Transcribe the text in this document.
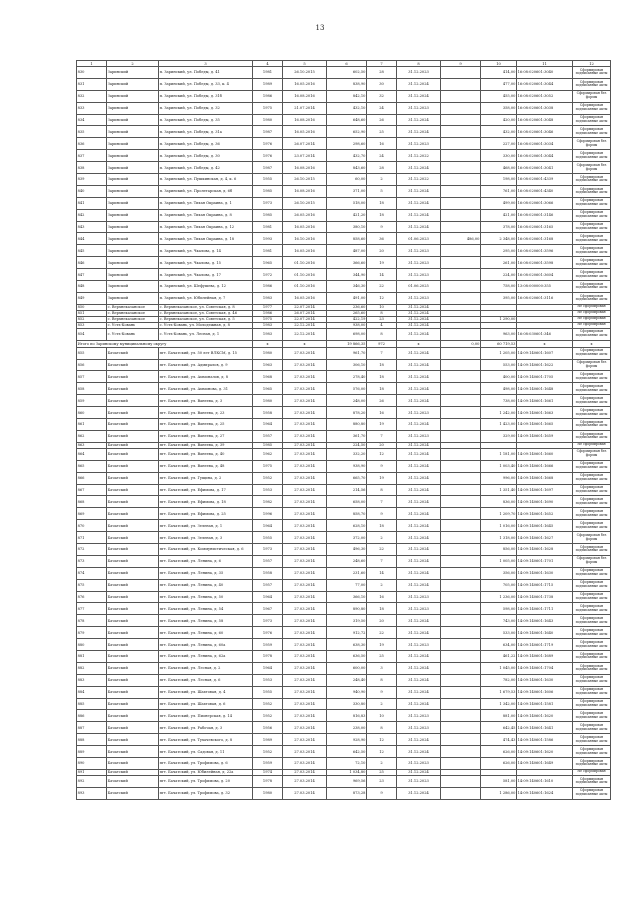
13
1	2	3	4	5	6	7	8	9	10	11	12
830	Заринский	п. Заринский, ул. Победы, д. 41	1981	26.10.2015	602,50	28	31.12.2023		414,00	16:08:020601:3040	Сформирован подписанные акты
831	Заринский	п. Заринский, ул. Победы, д. 33, к. 4	1989	16.05.2016	838,90	30	31.12.2024		477,00	16:08:020601:3044	Сформирован подписанные акты
832	Заринский	п. Заринский, ул. Победы, д. 31б	1986	16.08.2016	842,10	32	31.12.2024		455,00	16:08:020601:3052	Сформирован без формы
833	Заринский	п. Заринский, ул. Победы, д. 32	1975	21.07.2014	432,10	24	31.12.2023		358,00	16:08:020601:3038	Сформирован подписанные акты
834	Заринский	п. Заринский, ул. Победы, д. 35	1980	16.08.2016	648,60	26	31.12.2024		420,00	16:08:020601:3048	Сформирован подписанные акты
835	Заринский	п. Заринский, ул. Победы, д. 31а	1987	16.05.2016	652,90	25	31.12.2024		432,00	16:08:020601:3046	Сформирован подписанные акты
836	Заринский	п. Заринский, ул. Победы, д. 36	1976	26.07.2014	298,60	16	31.12.2023		227,00	16:08:020601:3034	Сформирован без формы
837	Заринский	п. Заринский, ул. Победы, д. 30	1976	23.07.2014	432,70	24	31.12.2022		330,00	16:08:020601:3044	Сформирован подписанные акты
838	Заринский	п. Заринский, ул. Победы, д. 42	1987	16.08.2016	843,60	28	31.12.2024		468,00	16:08:020601:3041	Сформирован без формы
839	Заринский	п. Заринский, ул. Пушкинская, д. 4, к. 6	1955	26.10.2015	60,00	2	31.12.2022		198,00	16:08:020601:4339	Сформирован подписанные акты
840	Заринский	п. Заринский, ул. Пролетарская, д. 6б	1985	16.08.2016	371,00	5	31.12.2024		761,00	16:08:020601:4340	Сформирован подписанные акты
841	Заринский	п. Заринский, ул. Тихая Окраина, д. 1	1973	26.10.2015	518,00	18	31.12.2024		499,00	16:08:020601:3066	Сформирован подписанные акты
842	Заринский	п. Заринский, ул. Тихая Окраина, д. 8	1985	26.05.2016	421,20	18	31.12.2024		421,00	16:08:020601:3146	Сформирован подписанные акты
843	Заринский	п. Заринский, ул. Тихая Окраина, д. 12	1981	16.05.2016	380,10	9	31.12.2024		378,00	16:08:020601:3165	Сформирован подписанные акты
844	Заринский	п. Заринский, ул. Тихая Окраина, д. 18	1993	16.10.2016	858,60	36	01.06.2023	486,00	2 348,00	16:08:020601:3168	Сформирован подписанные акты
845	Заринский	п. Заринский, ул. Чкалова, д. 14	1981	16.05.2016	487,00	20	31.12.2023		295,00	16:08:020601:3596	Сформирован подписанные акты
846	Заринский	п. Заринский, ул. Чкалова, д. 15	1965	01.10.2016	366,60	19	31.12.2023		261,00	16:08:020601:3598	Сформирован подписанные акты
847	Заринский	п. Заринский, ул. Чкалова, д. 17	1972	01.10.2016	344,90	14	31.12.2023		224,00	16:08:020601:3604	Сформирован подписанные акты
848	Заринский	п. Заринский, ул. Шефушева, д. 12	1986	01.10.2016	346,30	22	01.06.2025		758,00	13:08:000000:355	Сформирован подписанные акты
849	Заринский	п. Заринский, ул. Юбилейная, д. 7	1983	16.05.2016	491,00	12	31.12.2023		395,00	16:08:020601:3116	Сформирован подписанные акты
850	с. Верхнеказанское	с. Верхнеказанское, ул. Советская, д. 8	1977	22.07.2014	236,60	10	31.12.2024				Не сформирован
851	с. Верхнеказанское	с. Верхнеказанское, ул. Советская, д. 46	1986	26.07.2014	265,60	8	31.12.2024				Не сформирован
852	с. Верхнеказанское	с. Верхнеказанское, ул. Советская, д. 5	1975	22.07.2014	422,19	23	31.12.2024		1 290,00		Не сформирован
853	с. Усть-Ковань	с. Усть-Ковань, ул. Молодежная, д. 8	1983	22.12.2014	938,00	4	31.12.2024				Не сформирован
854	с. Усть-Ковань	с. Усть-Ковань, ул. Лесная, д. 1	1983	22.12.2014	698,00	8	31.12.2024		963,00	16:08:030601:346	Сформирован подписанные акты
Итого по Заринскому муниципальному округу			х	х	19 866,35	972	х	0,00	60 719,53	х	х
855	Бачатский	пгт. Бачатский, ул. 50 лет ВЛКСМ, д. 15	1980	27.03.2014	961,70	7	31.12.2024		1 205,00	14:09:140601:1607	Сформирован подписанные акты
856	Бачатский	пгт. Бачатский, ул. Адмиралов, д. 9	1963	27.03.2014	306,10	18	31.12.2024		553,00	14:09:140601:1622	Сформирован без формы
857	Бачатский	пгт. Бачатский, ул. Аммоналов, д. 8	1968	27.03.2014	278,40	18	31.12.2024		400,00	14:09:140601:1705	Сформирован подписанные акты
858	Бачатский	пгт. Бачатский, ул. Аммонова, д. 31	1965	27.03.2014	576,00	18	31.12.2024		498,00	14:09:140601:1648	Сформирован подписанные акты
859	Бачатский	пгт. Бачатский, ул. Ванеева, д. 3	1980	27.03.2014	248,00	26	31.12.2024		738,00	14:09:140601:1661	Сформирован подписанные акты
860	Бачатский	пгт. Бачатский, ул. Ванеева, д. 23	1958	27.03.2014	878,20	16	31.12.2023		1 242,00	14:09:140601:1663	Сформирован подписанные акты
861	Бачатский	пгт. Бачатский, ул. Ванеева, д. 25	1964	27.03.2014	880,80	19	31.12.2024		1 423,00	14:09:140601:1665	Сформирован подписанные акты
862	Бачатский	пгт. Бачатский, ул. Ванеева, д. 27	1957	27.03.2014	361,70	7	31.12.2023		329,00	14:09:140601:1659	Сформирован подписанные акты
863	Бачатский	пгт. Бачатский, ул. Ванеева, д. 39	1985	27.03.2014	224,50	20	31.12.2024				Не сформирован
864	Бачатский	пгт. Бачатский, ул. Ванеева, д. 40	1962	27.03.2014	332,20	12	31.12.2024		1 181,00	14:09:140601:1660	Сформирован без формы
865	Бачатский	пгт. Бачатский, ул. Ванеева, д. 48	1975	27.03.2014	938,90	9	31.12.2024		1 003,40	14:09:140601:1666	Сформирован подписанные акты
866	Бачатский	пгт. Бачатский, ул. Гущина, д. 2	1952	27.03.2014	665,70	19	31.12.2024		996,00	14:09:140601:1668	Сформирован подписанные акты
867	Бачатский	пгт. Бачатский, ул. Ефимова, д. 17	1953	27.03.2014	214,56	8	31.12.2024		1 351,40	14:09:140601:1697	Сформирован подписанные акты
868	Бачатский	пгт. Бачатский, ул. Ефимова, д. 18	1982	27.03.2014	658,00	7	31.12.2024		836,00	14:09:140601:1690	Сформирован подписанные акты
869	Бачатский	пгт. Бачатский, ул. Ефимова, д. 25	1996	27.03.2014	858,70	9	31.12.2024		1 209,70	14:09:140601:1652	Сформирован подписанные акты
870	Бачатский	пгт. Бачатский, ул. Зеленая, д. 1	1964	27.03.2014	628,10	18	31.12.2024		1 016,00	14:09:140601:1645	Сформирован подписанные акты
871	Бачатский	пгт. Бачатский, ул. Зеленая, д. 3	1955	27.03.2014	372,00	2	31.12.2024		1 318,00	14:09:140601:1627	Сформирован без формы
872	Бачатский	пгт. Бачатский, ул. Коммунистическая, д. 6	1973	27.03.2014	496,30	22	31.12.2024		856,00	14:09:140601:1628	Сформирован подписанные акты
873	Бачатский	пгт. Бачатский, ул. Ленина, д. 6	1957	27.03.2014	248,60	7	31.12.2024		1 005,00	14:09:140601:1701	Сформирован без формы
874	Бачатский	пгт. Бачатский, ул. Ленина, д. 35	1958	27.03.2014	231,60	14	31.12.2024		356,00	14:09:140601:1630	Сформирован подписанные акты
875	Бачатский	пгт. Бачатский, ул. Ленина, д. 40	1957	27.03.2014	77,00	2	31.12.2024		705,00	14:09:140601:1715	Сформирован подписанные акты
876	Бачатский	пгт. Бачатский, ул. Ленина, д. 50	1964	27.03.2014	366,10	16	31.12.2023		1 236,00	14:09:140601:1738	Сформирован подписанные акты
877	Бачатский	пгт. Бачатский, ул. Ленина, д. 54	1967	27.03.2014	890,80	18	31.12.2023		598,00	14:09:140601:1711	Сформирован подписанные акты
878	Бачатский	пгт. Бачатский, ул. Ленина, д. 58	1973	27.03.2014	319,50	20	31.12.2024		743,00	14:09:140601:1643	Сформирован подписанные акты
879	Бачатский	пгт. Бачатский, ул. Ленина, д. 60	1976	27.03.2014	912,72	22	31.12.2024		533,00	14:09:140601:1640	Сформирован подписанные акты
880	Бачатский	пгт. Бачатский, ул. Ленина, д. 60а	1959	27.03.2014	638,30	19	31.12.2023		634,00	14:09:140601:1719	Сформирован подписанные акты
881	Бачатский	пгт. Бачатский, ул. Ленина, д. 62а	1978	27.03.2014	636,50	25	31.12.2024		461,22	14:09:140601:1689	Сформирован подписанные акты
882	Бачатский	пгт. Бачатский, ул. Лесная, д. 2	1964	27.03.2014	600,00	3	31.12.2024		1 045,00	14:09:140601:1704	Сформирован подписанные акты
883	Бачатский	пгт. Бачатский, ул. Лесная, д. 6	1953	27.03.2014	248,40	8	31.12.2024		782,00	14:09:140601:1630	Сформирован подписанные акты
884	Бачатский	пгт. Бачатский, ул. Шахтовая, д. 4	1955	27.03.2014	940,90	9	31.12.2024		1 679,53	14:09:140601:1606	Сформирован подписанные акты
885	Бачатский	пгт. Бачатский, ул. Шахтовая, д. 6	1952	27.03.2014	330,80	2	31.12.2024		1 342,00	14:09:140601:1581	Сформирован подписанные акты
886	Бачатский	пгт. Бачатский, ул. Пионерская, д. 14	1952	27.03.2014	816,83	10	31.12.2023		881,00	14:09:140601:1620	Сформирован подписанные акты
887	Бачатский	пгт. Бачатский, ул. Рабочая, д. 3	1956	27.03.2014	238,00	8	31.12.2023		642,45	14:09:140601:1641	Сформирован подписанные акты
888	Бачатский	пгт. Бачатский, ул. Тухачевского, д. 8	1989	27.03.2014	928,90	12	31.12.2024		474,43	14:09:140601:1586	Сформирован подписанные акты
889	Бачатский	пгт. Бачатский, ул. Садовая, д. 11	1952	27.03.2014	642,50	12	31.12.2024		626,00	14:09:140601:1620	Сформирован подписанные акты
890	Бачатский	пгт. Бачатский, ул. Трофимова, д. 6	1959	27.03.2014	72,10	2	31.12.2023		626,00	14:09:140601:1649	Сформирован подписанные акты
891	Бачатский	пгт. Бачатский, ул. Юбилейная, д. 22а	1974	27.03.2014	1 034,80	25	31.12.2024				Не сформирован
892	Бачатский	пгт. Бачатский, ул. Трофимова, д. 20	1978	27.03.2014	969,56	23	31.12.2023		581,00	14:09:140601:1610	Сформирован подписанные акты
893	Бачатский	пгт. Бачатский, ул. Трофимова, д. 32	1980	27.03.2014	873,28	9	31.12.2024		1 286,00	14:09:140601:1624	Сформирован подписанные акты
